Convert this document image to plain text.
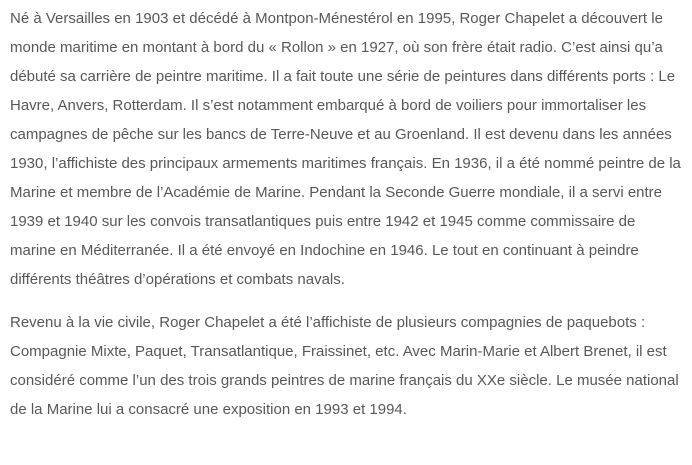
Né à Versailles en 1903 et décédé à Montpon-Ménestérol en 1995, Roger Chapelet a découvert le monde maritime en montant à bord du « Rollon » en 1927, où son frère était radio. C’est ainsi qu’a débuté sa carrière de peintre maritime. Il a fait toute une série de peintures dans différents ports : Le Havre, Anvers, Rotterdam. Il s’est notamment embarqué à bord de voiliers pour immortaliser les campagnes de pêche sur les bancs de Terre-Neuve et au Groenland. Il est devenu dans les années 1930, l’affichiste des principaux armements maritimes français. En 1936, il a été nommé peintre de la Marine et membre de l’Académie de Marine. Pendant la Seconde Guerre mondiale, il a servi entre 1939 et 1940 sur les convois transatlantiques puis entre 1942 et 1945 comme commissaire de marine en Méditerranée. Il a été envoyé en Indochine en 1946. Le tout en continuant à peindre différents théâtres d’opérations et combats navals.

Revenu à la vie civile, Roger Chapelet a été l’affichiste de plusieurs compagnies de paquebots : Compagnie Mixte, Paquet, Transatlantique, Fraissinet, etc. Avec Marin-Marie et Albert Brenet, il est considéré comme l’un des trois grands peintres de marine français du XXe siècle. Le musée national de la Marine lui a consacré une exposition en 1993 et 1994.
